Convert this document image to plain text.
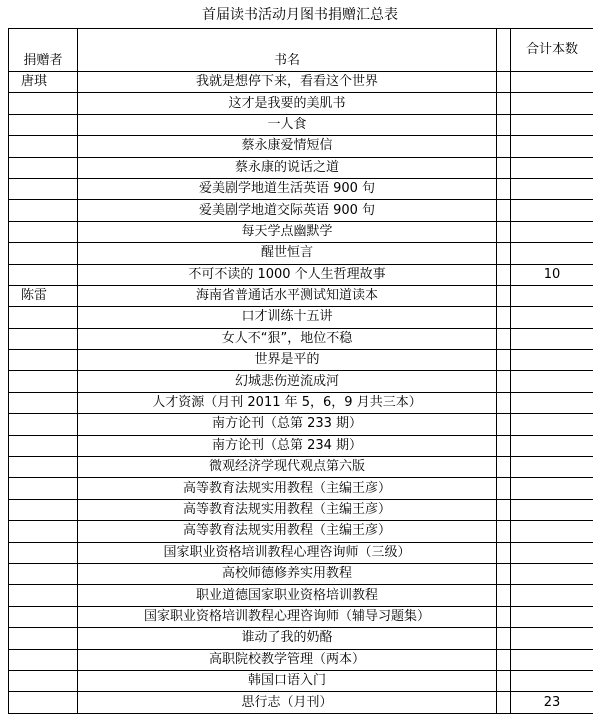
首届读书活动月图书捐赠汇总表
捐赠者	书名		合计本数
唐琪	我就是想停下来，看看这个世界		
	这才是我要的美肌书		
	一人食		
	蔡永康爱情短信		
	蔡永康的说话之道		
	爱美剧学地道生活英语 900 句		
	爱美剧学地道交际英语 900 句		
	每天学点幽默学		
	醒世恒言		
	不可不读的 1000 个人生哲理故事		10
陈雷	海南省普通话水平测试知道读本		
	口才训练十五讲		
	女人不“狠”，地位不稳		
	世界是平的		
	幻城悲伤逆流成河		
	人才资源（月刊 2011 年 5，6，9 月共三本）		
	南方论刊（总第 233 期）		
	南方论刊（总第 234 期）		
	微观经济学现代观点第六版		
	高等教育法规实用教程（主编王彦）		
	高等教育法规实用教程（主编王彦）		
	高等教育法规实用教程（主编王彦）		
	国家职业资格培训教程心理咨询师（三级）		
	高校师德修养实用教程		
	职业道德国家职业资格培训教程		
	国家职业资格培训教程心理咨询师（辅导习题集）		
	谁动了我的奶酪		
	高职院校教学管理（两本）		
	韩国口语入门		
	思行志（月刊）		23
